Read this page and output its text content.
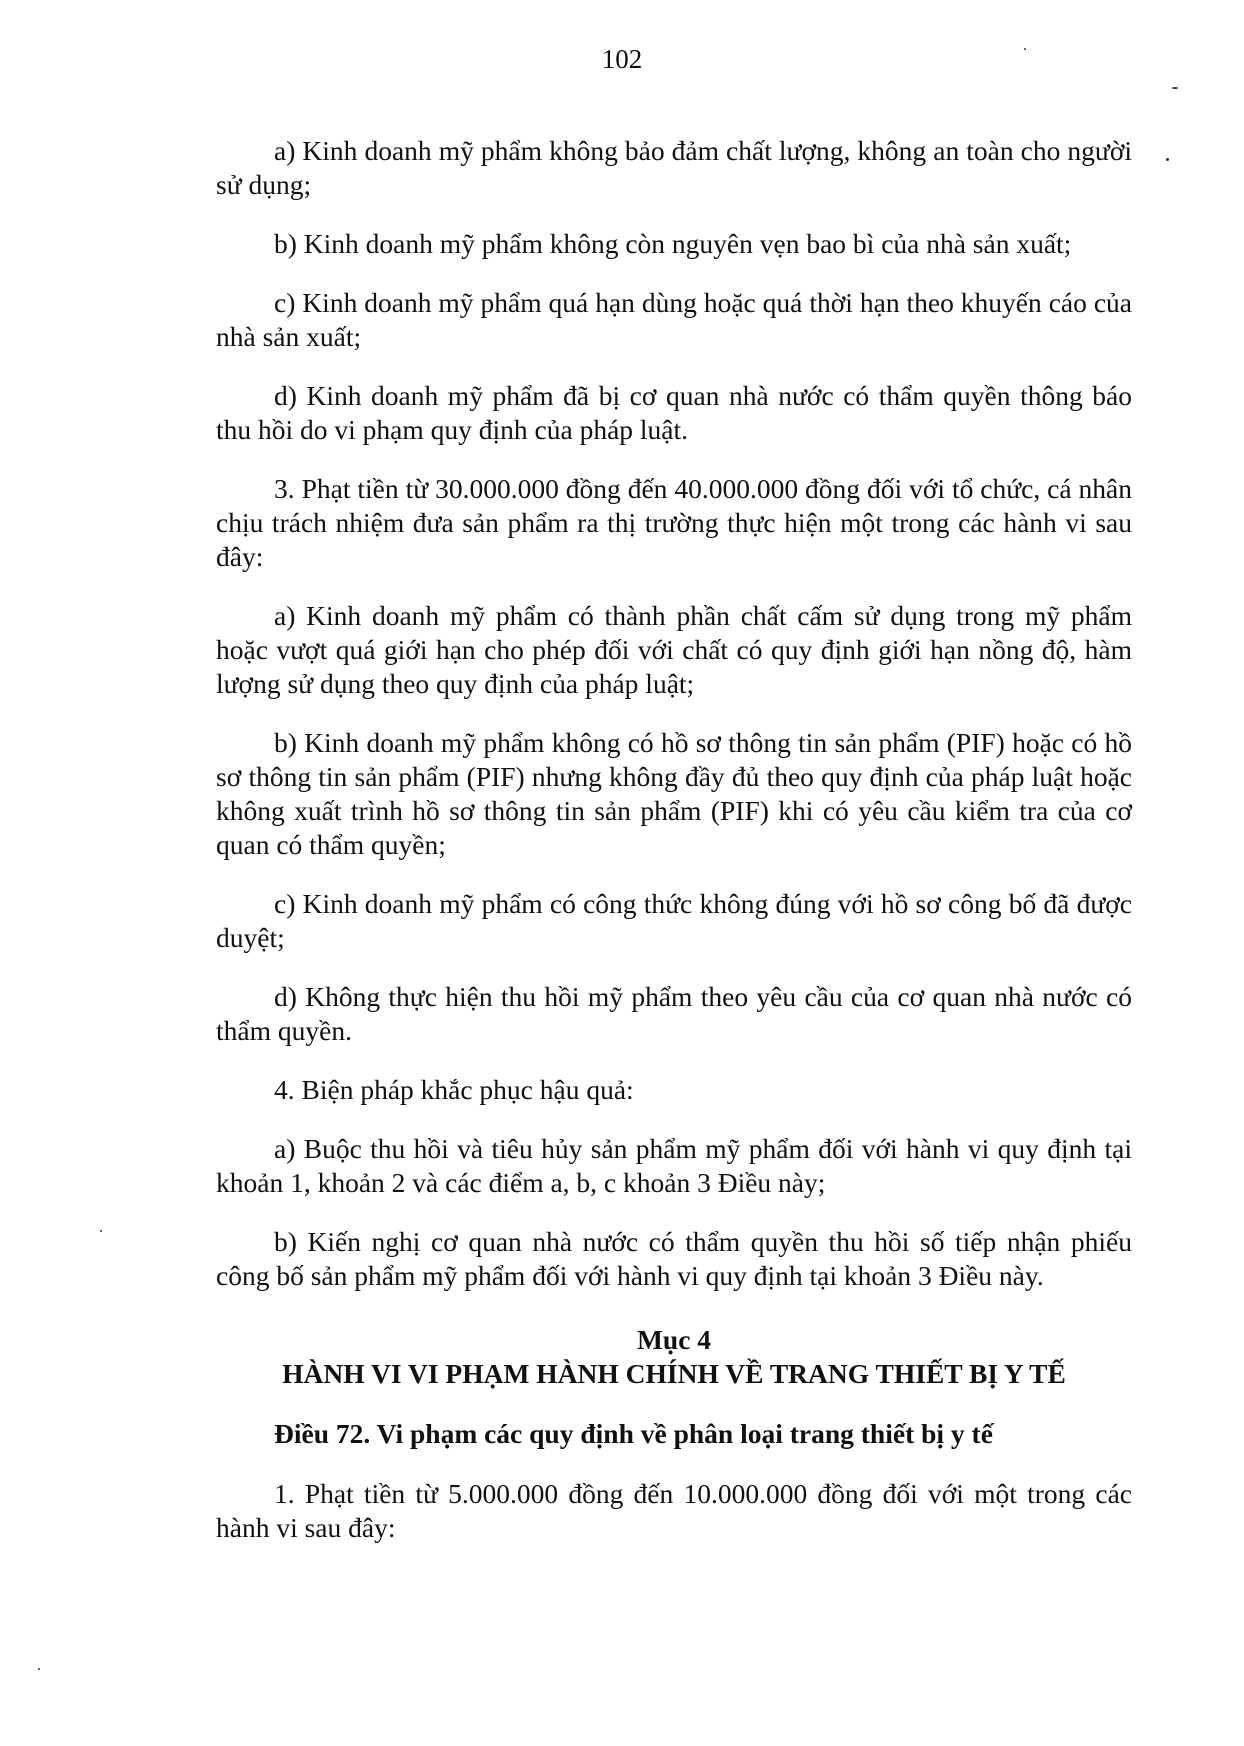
102

a) Kinh doanh mỹ phẩm không bảo đảm chất lượng, không an toàn cho người sử dụng;

b) Kinh doanh mỹ phẩm không còn nguyên vẹn bao bì của nhà sản xuất;

c) Kinh doanh mỹ phẩm quá hạn dùng hoặc quá thời hạn theo khuyến cáo của nhà sản xuất;

d) Kinh doanh mỹ phẩm đã bị cơ quan nhà nước có thẩm quyền thông báo thu hồi do vi phạm quy định của pháp luật.

3. Phạt tiền từ 30.000.000 đồng đến 40.000.000 đồng đối với tổ chức, cá nhân chịu trách nhiệm đưa sản phẩm ra thị trường thực hiện một trong các hành vi sau đây:

a) Kinh doanh mỹ phẩm có thành phần chất cấm sử dụng trong mỹ phẩm hoặc vượt quá giới hạn cho phép đối với chất có quy định giới hạn nồng độ, hàm lượng sử dụng theo quy định của pháp luật;

b) Kinh doanh mỹ phẩm không có hồ sơ thông tin sản phẩm (PIF) hoặc có hồ sơ thông tin sản phẩm (PIF) nhưng không đầy đủ theo quy định của pháp luật hoặc không xuất trình hồ sơ thông tin sản phẩm (PIF) khi có yêu cầu kiểm tra của cơ quan có thẩm quyền;

c) Kinh doanh mỹ phẩm có công thức không đúng với hồ sơ công bố đã được duyệt;

d) Không thực hiện thu hồi mỹ phẩm theo yêu cầu của cơ quan nhà nước có thẩm quyền.

4. Biện pháp khắc phục hậu quả:

a) Buộc thu hồi và tiêu hủy sản phẩm mỹ phẩm đối với hành vi quy định tại khoản 1, khoản 2 và các điểm a, b, c khoản 3 Điều này;

b) Kiến nghị cơ quan nhà nước có thẩm quyền thu hồi số tiếp nhận phiếu công bố sản phẩm mỹ phẩm đối với hành vi quy định tại khoản 3 Điều này.

Mục 4

HÀNH VI VI PHẠM HÀNH CHÍNH VỀ TRANG THIẾT BỊ Y TẾ

Điều 72. Vi phạm các quy định về phân loại trang thiết bị y tế

1. Phạt tiền từ 5.000.000 đồng đến 10.000.000 đồng đối với một trong các hành vi sau đây:
